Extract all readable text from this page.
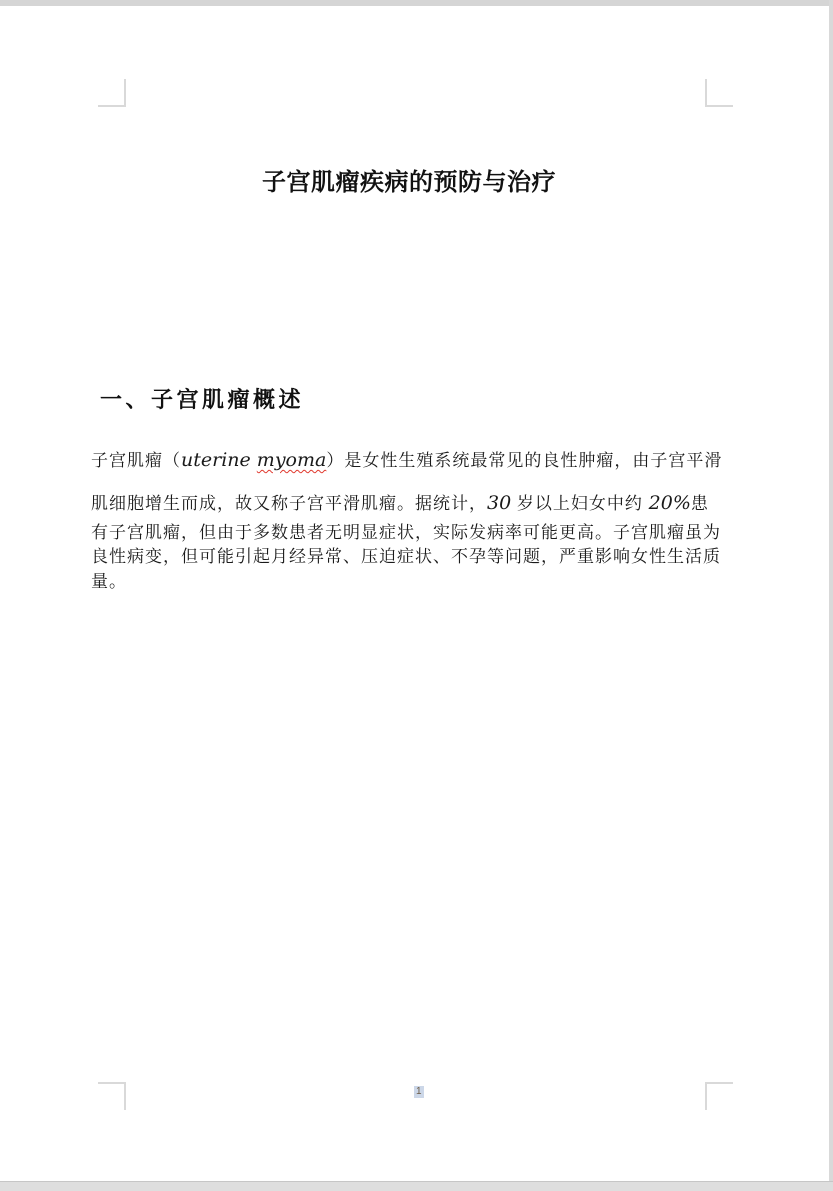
子宫肌瘤疾病的预防与治疗
一、子宫肌瘤概述
子宫肌瘤（uterine myoma）是女性生殖系统最常见的良性肿瘤，由子宫平滑
肌细胞增生而成，故又称子宫平滑肌瘤。据统计，30 岁以上妇女中约 20%患
有子宫肌瘤，但由于多数患者无明显症状，实际发病率可能更高。子宫肌瘤虽为
良性病变，但可能引起月经异常、压迫症状、不孕等问题，严重影响女性生活质
量。
1
